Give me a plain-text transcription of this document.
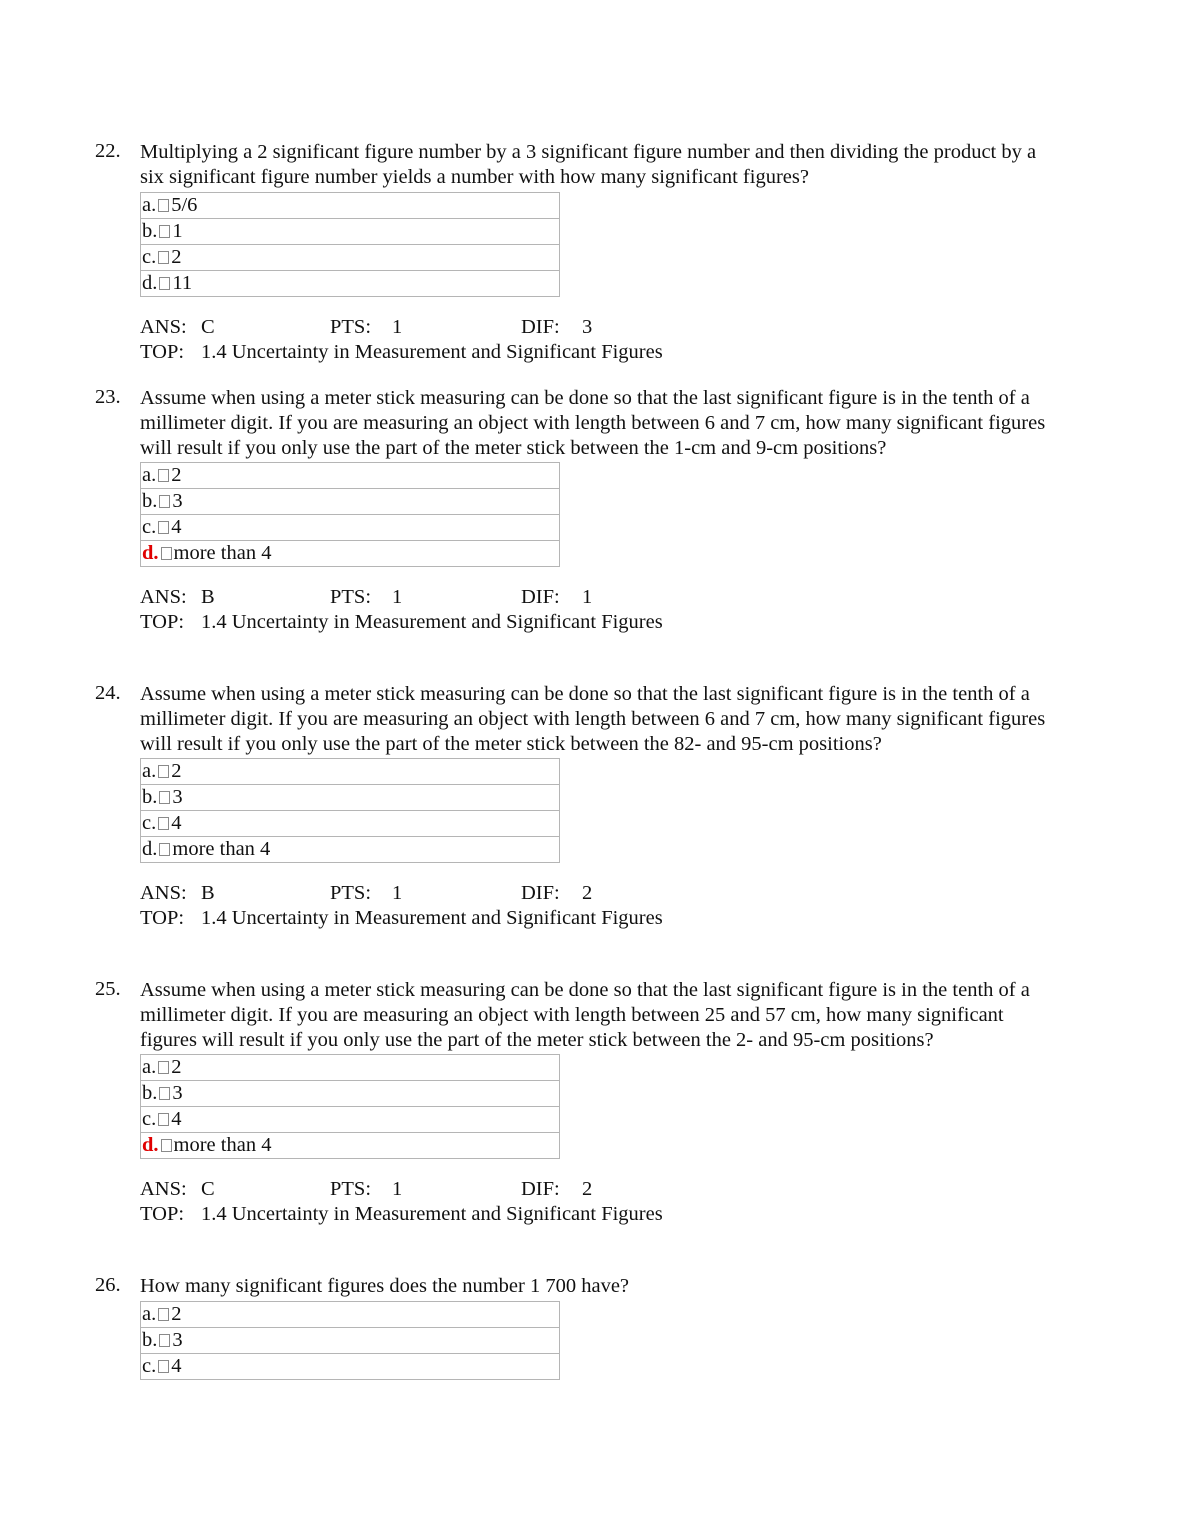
22. Multiplying a 2 significant figure number by a 3 significant figure number and then dividing the product by a six significant figure number yields a number with how many significant figures?
a. 5/6
b. 1
c. 2
d. 11
ANS: C	PTS: 1	DIF: 3
TOP: 1.4 Uncertainty in Measurement and Significant Figures
23. Assume when using a meter stick measuring can be done so that the last significant figure is in the tenth of a millimeter digit. If you are measuring an object with length between 6 and 7 cm, how many significant figures will result if you only use the part of the meter stick between the 1-cm and 9-cm positions?
a. 2
b. 3
c. 4
d. more than 4
ANS: B	PTS: 1	DIF: 1
TOP: 1.4 Uncertainty in Measurement and Significant Figures
24. Assume when using a meter stick measuring can be done so that the last significant figure is in the tenth of a millimeter digit. If you are measuring an object with length between 6 and 7 cm, how many significant figures will result if you only use the part of the meter stick between the 82- and 95-cm positions?
a. 2
b. 3
c. 4
d. more than 4
ANS: B	PTS: 1	DIF: 2
TOP: 1.4 Uncertainty in Measurement and Significant Figures
25. Assume when using a meter stick measuring can be done so that the last significant figure is in the tenth of a millimeter digit. If you are measuring an object with length between 25 and 57 cm, how many significant figures will result if you only use the part of the meter stick between the 2- and 95-cm positions?
a. 2
b. 3
c. 4
d. more than 4
ANS: C	PTS: 1	DIF: 2
TOP: 1.4 Uncertainty in Measurement and Significant Figures
26. How many significant figures does the number 1 700 have?
a. 2
b. 3
c. 4
